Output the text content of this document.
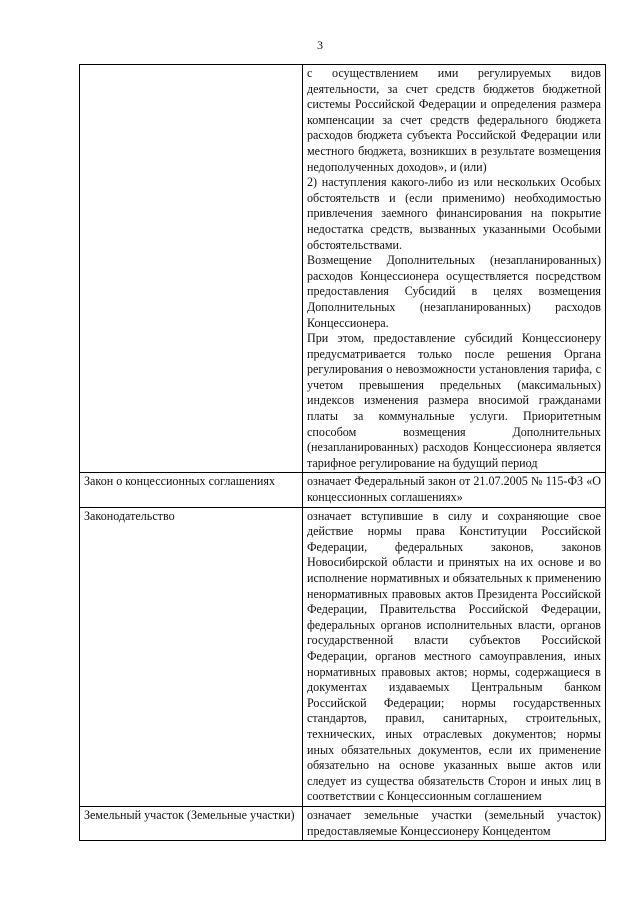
3

	с осуществлением ими регулируемых видов деятельности, за счет средств бюджетов бюджетной системы Российской Федерации и определения размера компенсации за счет средств федерального бюджета расходов бюджета субъекта Российской Федерации или местного бюджета, возникших в результате возмещения недополученных доходов», и (или)
2) наступления какого-либо из или нескольких Особых обстоятельств и (если применимо) необходимостью привлечения заемного финансирования на покрытие недостатка средств, вызванных указанными Особыми обстоятельствами.
Возмещение Дополнительных (незапланированных) расходов Концессионера осуществляется посредством предоставления Субсидий в целях возмещения Дополнительных (незапланированных) расходов Концессионера.
При этом, предоставление субсидий Концессионеру предусматривается только после решения Органа регулирования о невозможности установления тарифа, с учетом превышения предельных (максимальных) индексов изменения размера вносимой гражданами платы за коммунальные услуги. Приоритетным способом возмещения Дополнительных (незапланированных) расходов Концессионера является тарифное регулирование на будущий период

Закон о концессионных соглашениях	означает Федеральный закон от 21.07.2005 № 115-ФЗ «О концессионных соглашениях»

Законодательство	означает вступившие в силу и сохраняющие свое действие нормы права Конституции Российской Федерации, федеральных законов, законов Новосибирской области и принятых на их основе и во исполнение нормативных и обязательных к применению ненормативных правовых актов Президента Российской Федерации, Правительства Российской Федерации, федеральных органов исполнительных власти, органов государственной власти субъектов Российской Федерации, органов местного самоуправления, иных нормативных правовых актов; нормы, содержащиеся в документах издаваемых Центральным банком Российской Федерации; нормы государственных стандартов, правил, санитарных, строительных, технических, иных отраслевых документов; нормы иных обязательных документов, если их применение обязательно на основе указанных выше актов или следует из существа обязательств Сторон и иных лиц в соответствии с Концессионным соглашением

Земельный участок (Земельные участки)	означает земельные участки (земельный участок) предоставляемые Концессионеру Концедентом
